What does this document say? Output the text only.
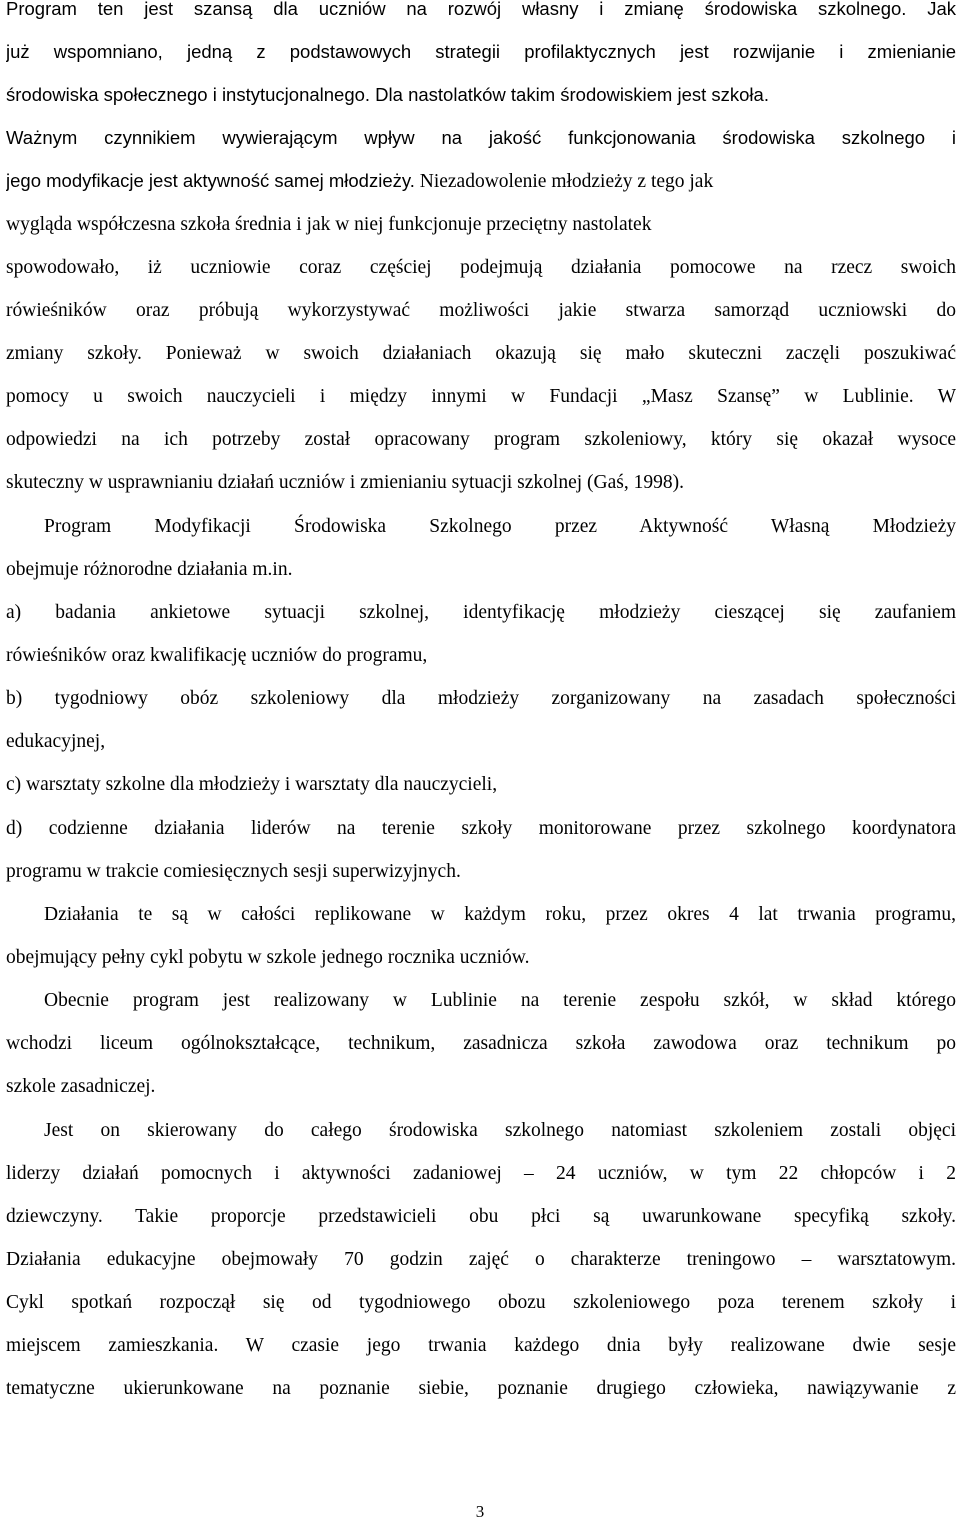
Program ten jest szansą dla uczniów na rozwój własny i zmianę środowiska szkolnego. Jak
już wspomniano, jedną z podstawowych strategii profilaktycznych jest rozwijanie i zmienianie
środowiska społecznego i instytucjonalnego. Dla nastolatków takim środowiskiem jest szkoła.
Ważnym czynnikiem wywierającym wpływ na jakość funkcjonowania środowiska szkolnego i
jego modyfikacje jest aktywność samej młodzieży. Niezadowolenie młodzieży z tego jak
wygląda współczesna szkoła średnia i jak w niej funkcjonuje przeciętny nastolatek
spowodowało, iż uczniowie coraz częściej podejmują działania pomocowe na rzecz swoich
rówieśników oraz próbują wykorzystywać możliwości jakie stwarza samorząd uczniowski do
zmiany szkoły. Ponieważ w swoich działaniach okazują się mało skuteczni zaczęli poszukiwać
pomocy u swoich nauczycieli i między innymi w Fundacji „Masz Szansę” w Lublinie. W
odpowiedzi na ich potrzeby został opracowany program szkoleniowy, który się okazał wysoce
skuteczny w usprawnianiu działań uczniów i zmienianiu sytuacji szkolnej (Gaś, 1998).
Program Modyfikacji Środowiska Szkolnego przez Aktywność Własną Młodzieży
obejmuje różnorodne działania m.in.
a) badania ankietowe sytuacji szkolnej, identyfikację młodzieży cieszącej się zaufaniem
rówieśników oraz kwalifikację uczniów do programu,
b) tygodniowy obóz szkoleniowy dla młodzieży zorganizowany na zasadach społeczności
edukacyjnej,
c) warsztaty szkolne dla młodzieży i warsztaty dla nauczycieli,
d) codzienne działania liderów na terenie szkoły monitorowane przez szkolnego koordynatora
programu w trakcie comiesięcznych sesji superwizyjnych.
Działania te są w całości replikowane w każdym roku, przez okres 4 lat trwania programu,
obejmujący pełny cykl pobytu w szkole jednego rocznika uczniów.
Obecnie program jest realizowany w Lublinie na terenie zespołu szkół, w skład którego
wchodzi liceum ogólnokształcące, technikum, zasadnicza szkoła zawodowa oraz technikum po
szkole zasadniczej.
Jest on skierowany do całego środowiska szkolnego natomiast szkoleniem zostali objęci
liderzy działań pomocnych i aktywności zadaniowej – 24 uczniów, w tym 22 chłopców i 2
dziewczyny. Takie proporcje przedstawicieli obu płci są uwarunkowane specyfiką szkoły.
Działania edukacyjne obejmowały 70 godzin zajęć o charakterze treningowo – warsztatowym.
Cykl spotkań rozpoczął się od tygodniowego obozu szkoleniowego poza terenem szkoły i
miejscem zamieszkania. W czasie jego trwania każdego dnia były realizowane dwie sesje
tematyczne ukierunkowane na poznanie siebie, poznanie drugiego człowieka, nawiązywanie z
3
